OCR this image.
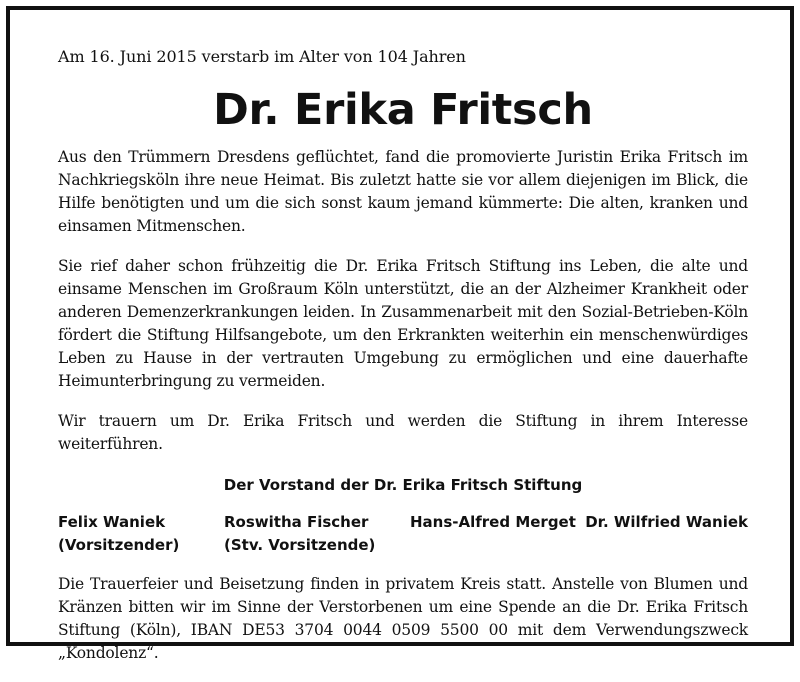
Am 16. Juni 2015 verstarb im Alter von 104 Jahren

Dr. Erika Fritsch

Aus den Trümmern Dresdens geflüchtet, fand die promovierte Juristin Erika Fritsch im Nachkriegsköln ihre neue Heimat. Bis zuletzt hatte sie vor allem diejenigen im Blick, die Hilfe benötigten und um die sich sonst kaum jemand kümmerte: Die alten, kranken und einsamen Mitmenschen.

Sie rief daher schon frühzeitig die Dr. Erika Fritsch Stiftung ins Leben, die alte und einsame Menschen im Großraum Köln unterstützt, die an der Alzheimer Krankheit oder anderen Demenzerkrankungen leiden. In Zusammenarbeit mit den Sozial-Betrieben-Köln fördert die Stiftung Hilfsangebote, um den Erkrankten weiterhin ein menschenwürdiges Leben zu Hause in der vertrauten Umgebung zu ermöglichen und eine dauerhafte Heimunterbringung zu vermeiden.

Wir trauern um Dr. Erika Fritsch und werden die Stiftung in ihrem Interesse weiterführen.

Der Vorstand der Dr. Erika Fritsch Stiftung
Felix Waniek
(Vorsitzender)
Roswitha Fischer
(Stv. Vorsitzende)
Hans-Alfred Merget Dr. Wilfried Waniek

Die Trauerfeier und Beisetzung finden in privatem Kreis statt. Anstelle von Blumen und Kränzen bitten wir im Sinne der Verstorbenen um eine Spende an die Dr. Erika Fritsch Stiftung (Köln), IBAN DE53 3704 0044 0509 5500 00 mit dem Verwendungszweck „Kondolenz“.
